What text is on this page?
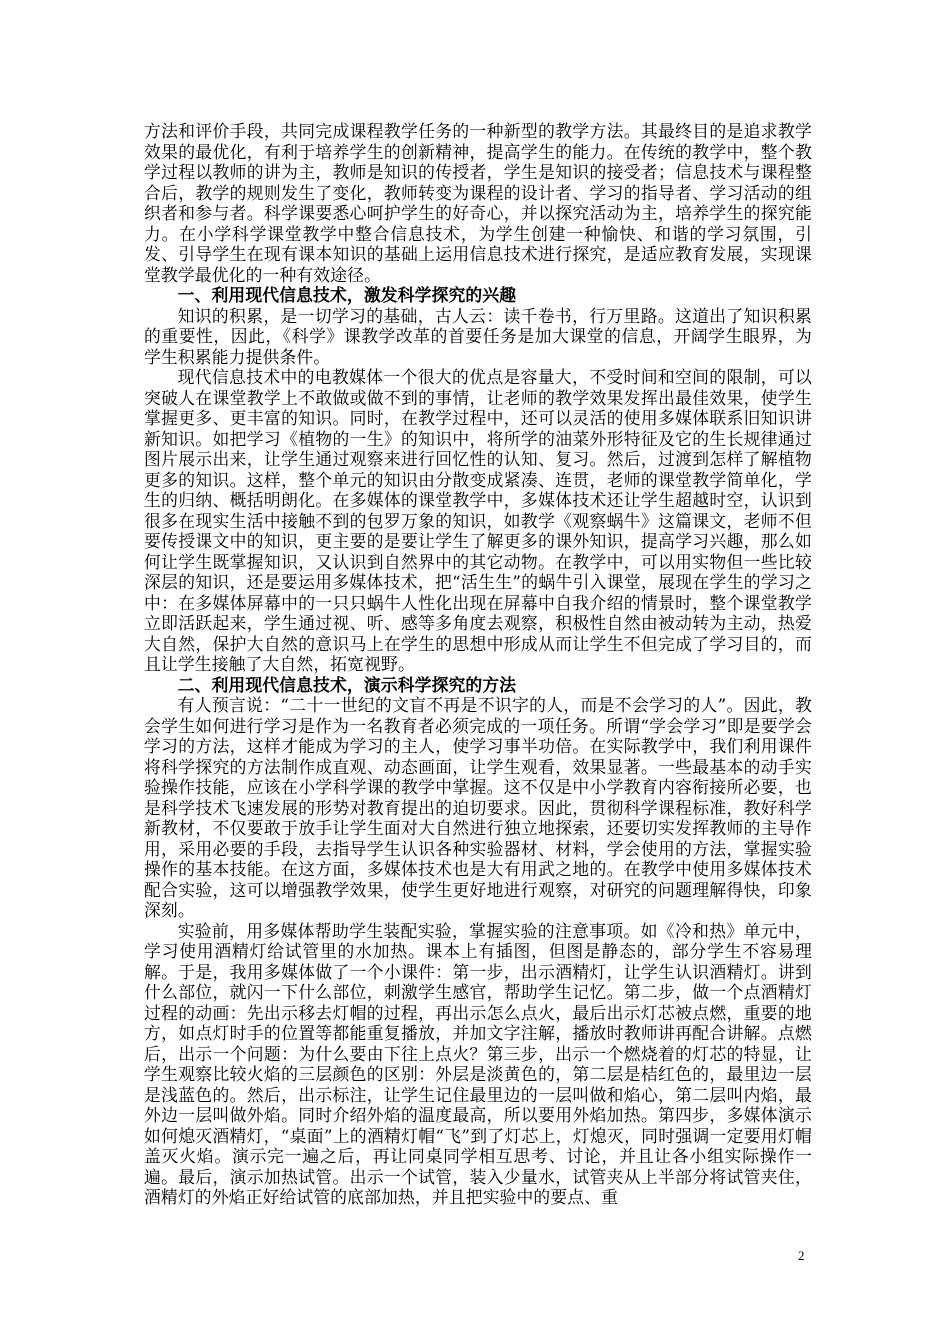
方法和评价手段，共同完成课程教学任务的一种新型的教学方法。其最终目的是追求教学效果的最优化，有利于培养学生的创新精神，提高学生的能力。在传统的教学中，整个教学过程以教师的讲为主，教师是知识的传授者，学生是知识的接受者；信息技术与课程整合后，教学的规则发生了变化，教师转变为课程的设计者、学习的指导者、学习活动的组织者和参与者。科学课要悉心呵护学生的好奇心，并以探究活动为主，培养学生的探究能力。在小学科学课堂教学中整合信息技术，为学生创建一种愉快、和谐的学习氛围，引发、引导学生在现有课本知识的基础上运用信息技术进行探究，是适应教育发展，实现课堂教学最优化的一种有效途径。

一、利用现代信息技术，激发科学探究的兴趣

知识的积累，是一切学习的基础，古人云：读千卷书，行万里路。这道出了知识积累的重要性，因此，《科学》课教学改革的首要任务是加大课堂的信息，开阔学生眼界，为学生积累能力提供条件。

现代信息技术中的电教媒体一个很大的优点是容量大，不受时间和空间的限制，可以突破人在课堂教学上不敢做或做不到的事情，让老师的教学效果发挥出最佳效果，使学生掌握更多、更丰富的知识。同时，在教学过程中，还可以灵活的使用多媒体联系旧知识讲新知识。如把学习《植物的一生》的知识中，将所学的油菜外形特征及它的生长规律通过图片展示出来，让学生通过观察来进行回忆性的认知、复习。然后，过渡到怎样了解植物更多的知识。这样，整个单元的知识由分散变成紧凑、连贯，老师的课堂教学简单化，学生的归纳、概括明朗化。在多媒体的课堂教学中，多媒体技术还让学生超越时空，认识到很多在现实生活中接触不到的包罗万象的知识，如教学《观察蜗牛》这篇课文，老师不但要传授课文中的知识，更主要的是要让学生了解更多的课外知识，提高学习兴趣，那么如何让学生既掌握知识，又认识到自然界中的其它动物。在教学中，可以用实物但一些比较深层的知识，还是要运用多媒体技术，把“活生生”的蜗牛引入课堂，展现在学生的学习之中：在多媒体屏幕中的一只只蜗牛人性化出现在屏幕中自我介绍的情景时，整个课堂教学立即活跃起来，学生通过视、听、感等多角度去观察，积极性自然由被动转为主动，热爱大自然，保护大自然的意识马上在学生的思想中形成从而让学生不但完成了学习目的，而且让学生接触了大自然，拓宽视野。

二、利用现代信息技术，演示科学探究的方法

有人预言说：“二十一世纪的文盲不再是不识字的人，而是不会学习的人”。因此，教会学生如何进行学习是作为一名教育者必须完成的一项任务。所谓“学会学习”即是要学会学习的方法，这样才能成为学习的主人，使学习事半功倍。在实际教学中，我们利用课件将科学探究的方法制作成直观、动态画面，让学生观看，效果显著。一些最基本的动手实验操作技能，应该在小学科学课的教学中掌握。这不仅是中小学教育内容衔接所必要，也是科学技术飞速发展的形势对教育提出的迫切要求。因此，贯彻科学课程标准，教好科学新教材，不仅要敢于放手让学生面对大自然进行独立地探索，还要切实发挥教师的主导作用，采用必要的手段，去指导学生认识各种实验器材、材料，学会使用的方法，掌握实验操作的基本技能。在这方面，多媒体技术也是大有用武之地的。在教学中使用多媒体技术配合实验，这可以增强教学效果，使学生更好地进行观察，对研究的问题理解得快，印象深刻。

实验前，用多媒体帮助学生装配实验，掌握实验的注意事项。如《冷和热》单元中，学习使用酒精灯给试管里的水加热。课本上有插图，但图是静态的，部分学生不容易理解。于是，我用多媒体做了一个小课件：第一步，出示酒精灯，让学生认识酒精灯。讲到什么部位，就闪一下什么部位，刺激学生感官，帮助学生记忆。第二步，做一个点酒精灯过程的动画：先出示移去灯帽的过程，再出示怎么点火，最后出示灯芯被点燃，重要的地方，如点灯时手的位置等都能重复播放，并加文字注解，播放时教师讲再配合讲解。点燃后，出示一个问题：为什么要由下往上点火？第三步，出示一个燃烧着的灯芯的特显，让学生观察比较火焰的三层颜色的区别：外层是淡黄色的，第二层是桔红色的，最里边一层是浅蓝色的。然后，出示标注，让学生记住最里边的一层叫做和焰心，第二层叫内焰，最外边一层叫做外焰。同时介绍外焰的温度最高，所以要用外焰加热。第四步，多媒体演示如何熄灭酒精灯，“桌面”上的酒精灯帽“飞”到了灯芯上，灯熄灭，同时强调一定要用灯帽盖灭火焰。演示完一遍之后，再让同桌同学相互思考、讨论，并且让各小组实际操作一遍。最后，演示加热试管。出示一个试管，装入少量水，试管夹从上半部分将试管夹住，酒精灯的外焰正好给试管的底部加热，并且把实验中的要点、重

2
